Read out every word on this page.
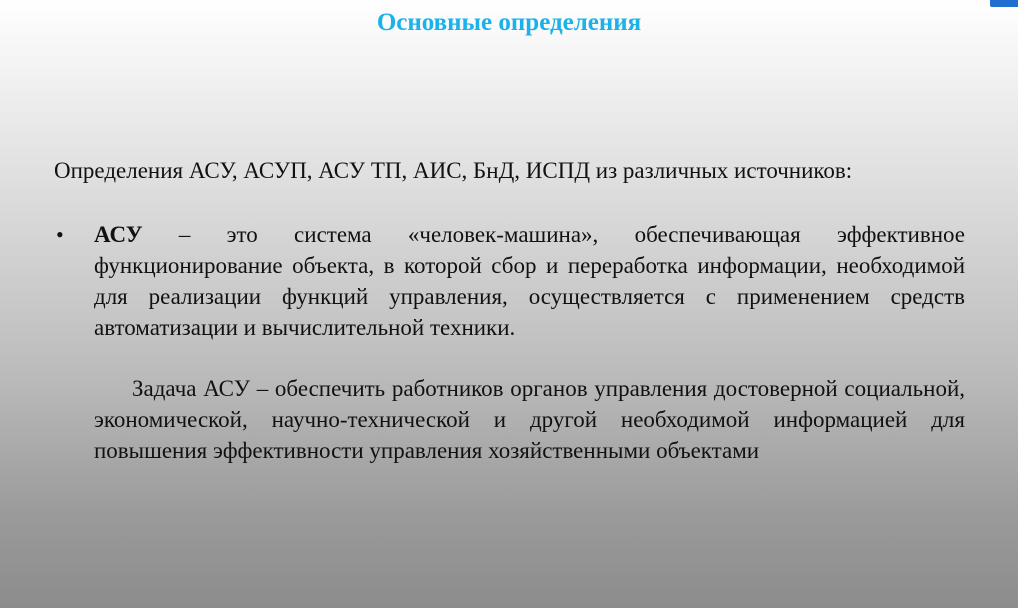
Основные определения
Определения АСУ, АСУП, АСУ ТП, АИС, БнД, ИСПД из различных источников:
• АСУ – это система «человек-машина», обеспечивающая эффективное функционирование объекта, в которой сбор и переработка информации, необходимой для реализации функций управления, осуществляется с применением средств автоматизации и вычислительной техники.
Задача АСУ – обеспечить работников органов управления достоверной социальной, экономической, научно-технической и другой необходимой информацией для повышения эффективности управления хозяйственными объектами
